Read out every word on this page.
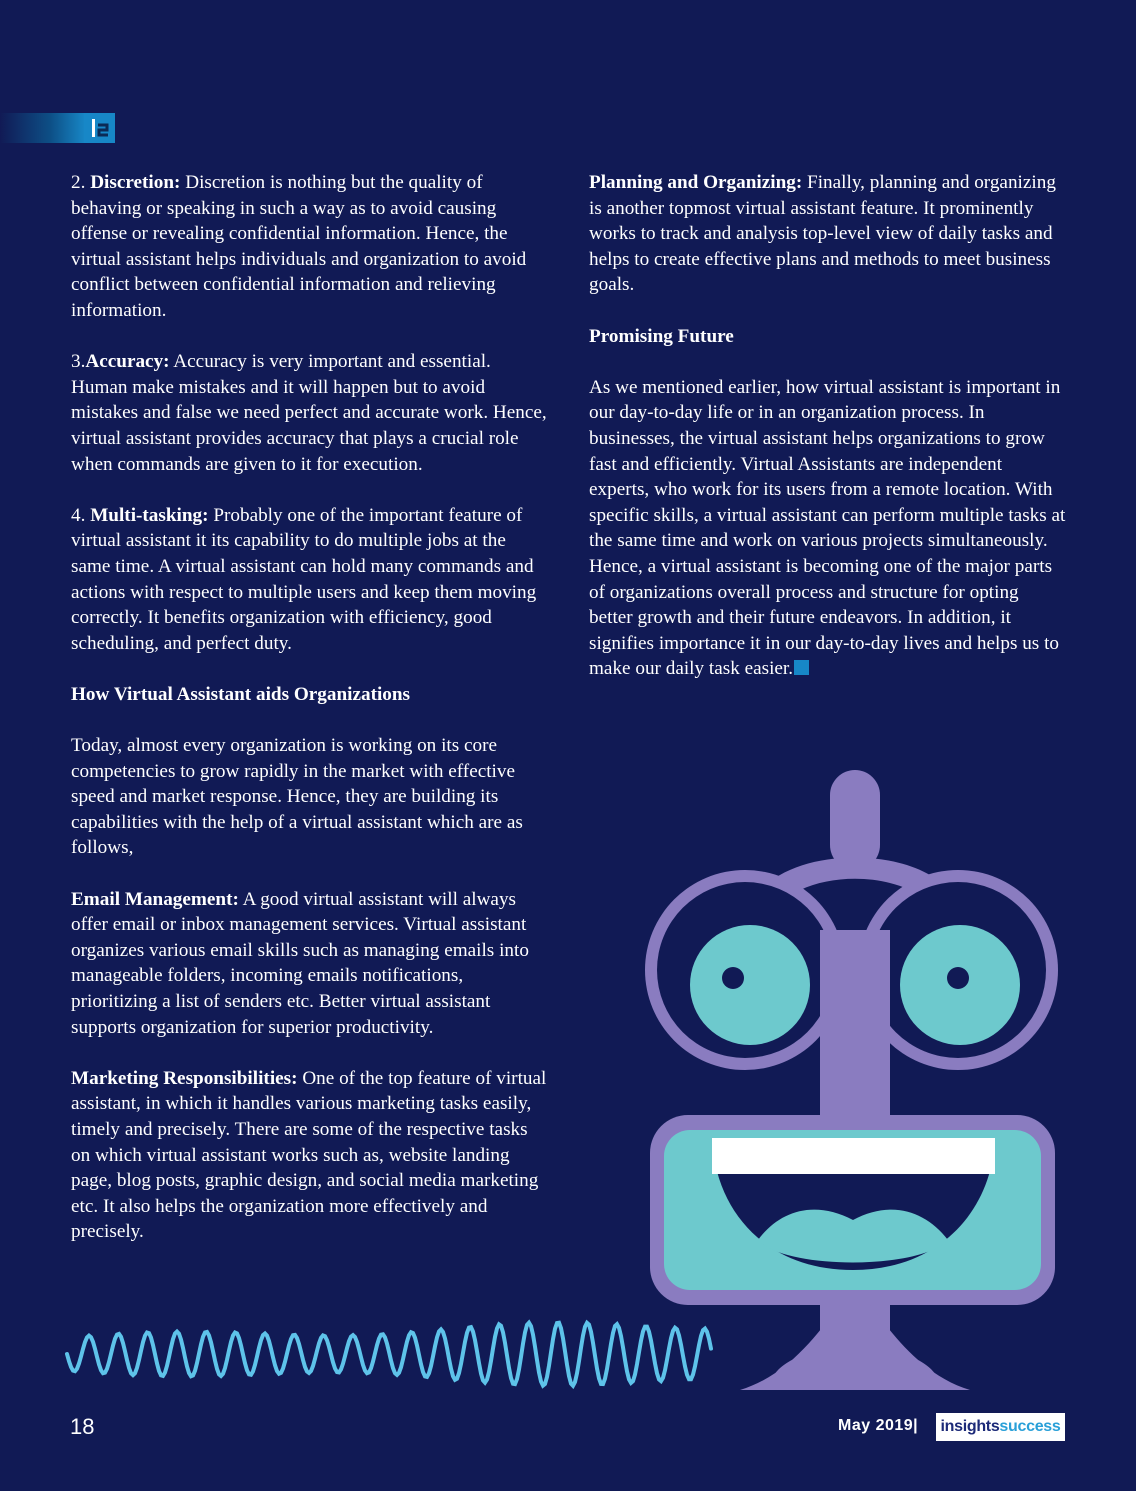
2. Discretion: Discretion is nothing but the quality of behaving or speaking in such a way as to avoid causing offense or revealing confidential information. Hence, the virtual assistant helps individuals and organization to avoid conflict between confidential information and relieving information.

3.Accuracy: Accuracy is very important and essential. Human make mistakes and it will happen but to avoid mistakes and false we need perfect and accurate work. Hence, virtual assistant provides accuracy that plays a crucial role when commands are given to it for execution.

4. Multi-tasking: Probably one of the important feature of virtual assistant it its capability to do multiple jobs at the same time. A virtual assistant can hold many commands and actions with respect to multiple users and keep them moving correctly. It benefits organization with efficiency, good scheduling, and perfect duty.

How Virtual Assistant aids Organizations

Today, almost every organization is working on its core competencies to grow rapidly in the market with effective speed and market response. Hence, they are building its capabilities with the help of a virtual assistant which are as follows,

Email Management: A good virtual assistant will always offer email or inbox management services. Virtual assistant organizes various email skills such as managing emails into manageable folders, incoming emails notifications, prioritizing a list of senders etc. Better virtual assistant supports organization for superior productivity.

Marketing Responsibilities: One of the top feature of virtual assistant, in which it handles various marketing tasks easily, timely and precisely. There are some of the respective tasks on which virtual assistant works such as, website landing page, blog posts, graphic design, and social media marketing etc. It also helps the organization more effectively and precisely.

Planning and Organizing: Finally, planning and organizing is another topmost virtual assistant feature. It prominently works to track and analysis top-level view of daily tasks and helps to create effective plans and methods to meet business goals.

Promising Future

As we mentioned earlier, how virtual assistant is important in our day-to-day life or in an organization process. In businesses, the virtual assistant helps organizations to grow fast and efficiently. Virtual Assistants are independent experts, who work for its users from a remote location. With specific skills, a virtual assistant can perform multiple tasks at the same time and work on various projects simultaneously. Hence, a virtual assistant is becoming one of the major parts of organizations overall process and structure for opting better growth and their future endeavors. In addition, it signifies importance it in our day-to-day lives and helps us to make our daily task easier.

18	May 2019| insights success
